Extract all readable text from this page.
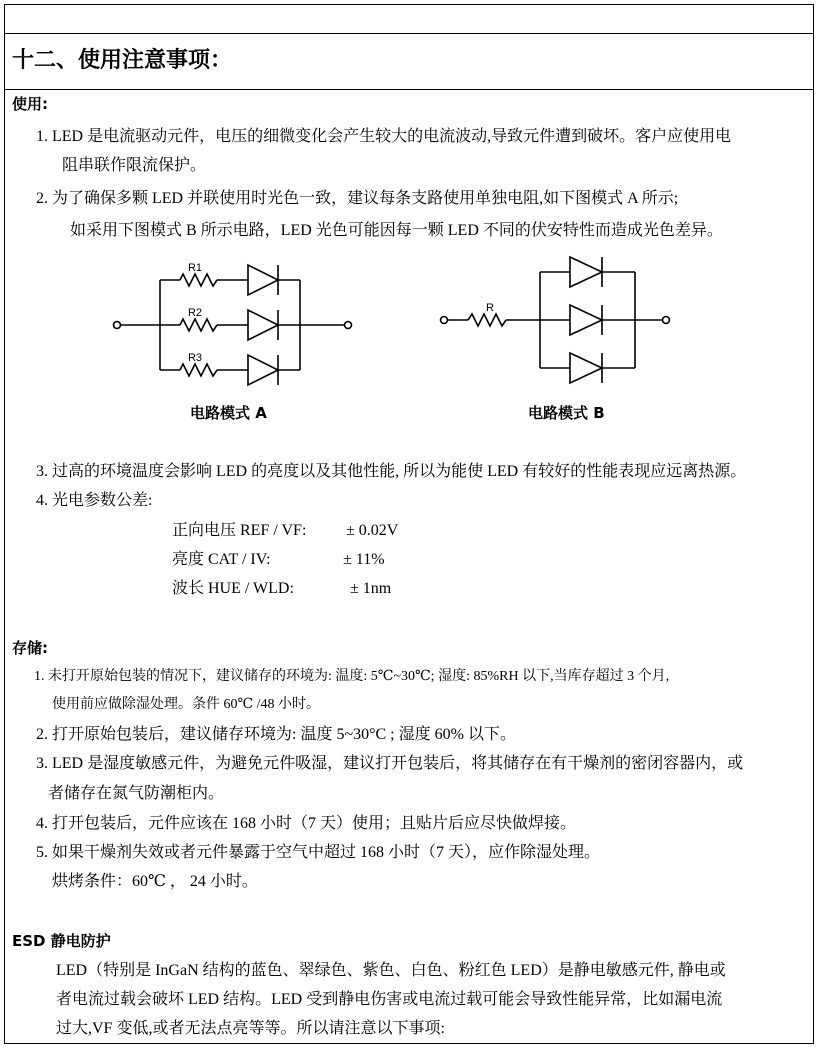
十二、使用注意事项：
使用:
1. LED 是电流驱动元件，电压的细微变化会产生较大的电流波动,导致元件遭到破坏。客户应使用电
阻串联作限流保护。
2. 为了确保多颗 LED 并联使用时光色一致，建议每条支路使用单独电阻,如下图模式 A 所示;
如采用下图模式 B 所示电路，LED 光色可能因每一颗 LED 不同的伏安特性而造成光色差异。
R1
R2
R3
电路模式 A
R
电路模式 B
3. 过高的环境温度会影响 LED 的亮度以及其他性能, 所以为能使 LED 有较好的性能表现应远离热源。
4. 光电参数公差:
正向电压 REF / VF: ± 0.02V
亮度 CAT / IV:	± 11%
波长 HUE / WLD:	± 1nm
存储:
1. 未打开原始包装的情况下，建议储存的环境为: 温度: 5℃~30℃; 湿度: 85%RH 以下,当库存超过 3 个月,
使用前应做除湿处理。条件 60℃ /48 小时。
2. 打开原始包装后，建议储存环境为: 温度 5~30°C ; 湿度 60% 以下。
3. LED 是湿度敏感元件，为避免元件吸湿，建议打开包装后，将其储存在有干燥剂的密闭容器内，或
者储存在氮气防潮柜内。
4. 打开包装后，元件应该在 168 小时（7 天）使用；且贴片后应尽快做焊接。
5. 如果干燥剂失效或者元件暴露于空气中超过 168 小时（7 天），应作除湿处理。
烘烤条件：60℃ ， 24 小时。
ESD 静电防护
LED（特别是 InGaN 结构的蓝色、翠绿色、紫色、白色、粉红色 LED）是静电敏感元件, 静电或
者电流过载会破坏 LED 结构。LED 受到静电伤害或电流过载可能会导致性能异常，比如漏电流
过大,VF 变低,或者无法点亮等等。所以请注意以下事项:
